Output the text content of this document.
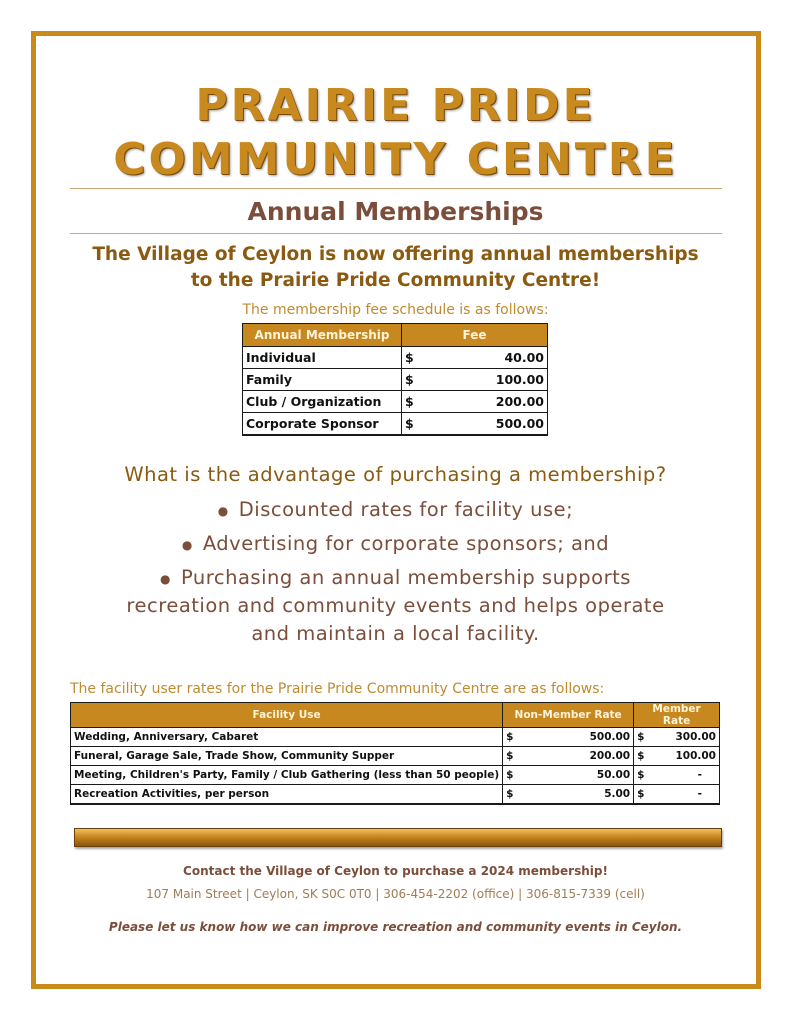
PRAIRIE PRIDE
COMMUNITY CENTRE
Annual Memberships
The Village of Ceylon is now offering annual memberships
to the Prairie Pride Community Centre!
The membership fee schedule is as follows:
Annual Membership	Fee
Individual	$ 40.00

Family	$ 100.00

Club / Organization	$ 200.00

Corporate Sponsor	$ 500.00
What is the advantage of purchasing a membership?
● Discounted rates for facility use;
● Advertising for corporate sponsors; and
● Purchasing an annual membership supports
recreation and community events and helps operate
and maintain a local facility.
The facility user rates for the Prairie Pride Community Centre are as follows:
Facility Use	Non-Member Rate	Member Rate
Wedding, Anniversary, Cabaret	$ 500.00	$ 300.00

Funeral, Garage Sale, Trade Show, Community Supper	$ 200.00	$ 100.00

Meeting, Children's Party, Family / Club Gathering (less than 50 people)	$ 50.00	$ -

Recreation Activities, per person	$ 5.00	$ -
Contact the Village of Ceylon to purchase a 2024 membership!
107 Main Street | Ceylon, SK S0C 0T0 | 306-454-2202 (office) | 306-815-7339 (cell)
Please let us know how we can improve recreation and community events in Ceylon.
